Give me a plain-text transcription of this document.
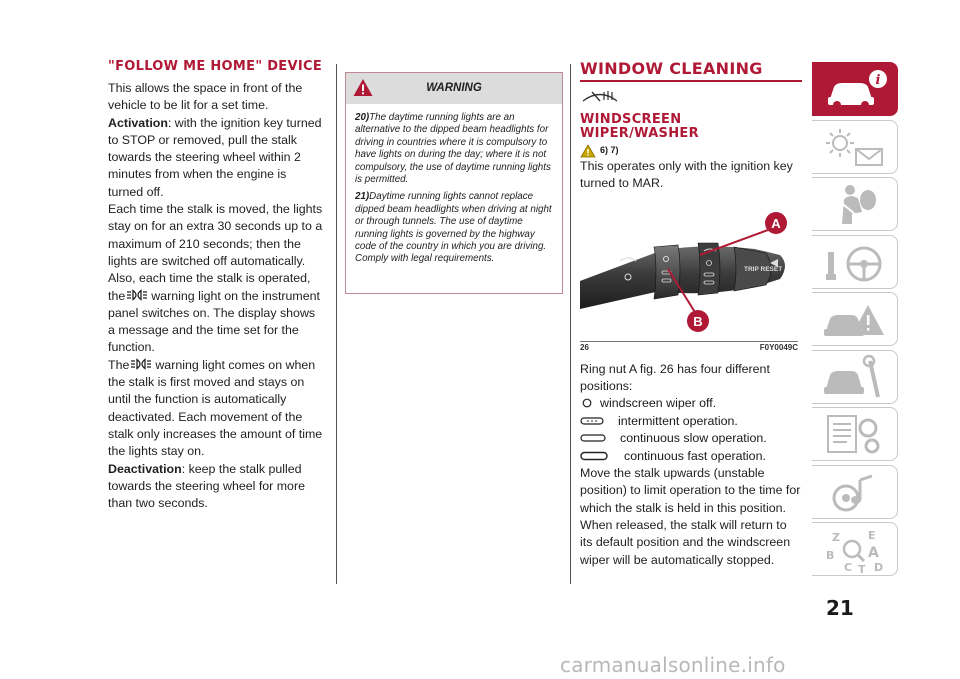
"FOLLOW ME HOME" DEVICE

This allows the space in front of the vehicle to be lit for a set time.

Activation: with the ignition key turned to STOP or removed, pull the stalk towards the steering wheel within 2 minutes from when the engine is turned off.

Each time the stalk is moved, the lights stay on for an extra 30 seconds up to a maximum of 210 seconds; then the lights are switched off automatically.

Also, each time the stalk is operated, the warning light on the instrument panel switches on. The display shows a message and the time set for the function.

The warning light comes on when the stalk is first moved and stays on until the function is automatically deactivated. Each movement of the stalk only increases the amount of time the lights stay on.

Deactivation: keep the stalk pulled towards the steering wheel for more than two seconds.

WARNING

20)The daytime running lights are an alternative to the dipped beam headlights for driving in countries where it is compulsory to have lights on during the day; where it is not compulsory, the use of daytime running lights is permitted.

21)Daytime running lights cannot replace dipped beam headlights when driving at night or through tunnels. The use of daytime running lights is governed by the highway code of the country in which you are driving. Comply with legal requirements.

WINDOW CLEANING
WINDSCREEN WIPER/WASHER
6) 7)

This operates only with the ignition key turned to MAR.

TRIP RESET
A
B
26	F0Y0049C

Ring nut A fig. 26 has four different positions:

windscreen wiper off.
intermittent operation.
continuous slow operation.
continuous fast operation.

Move the stalk upwards (unstable position) to limit operation to the time for which the stalk is held in this position. When released, the stalk will return to its default position and the windscreen wiper will be automatically stopped.

i
Z	E
B A
C D
T
21
carmanualsonline.info
